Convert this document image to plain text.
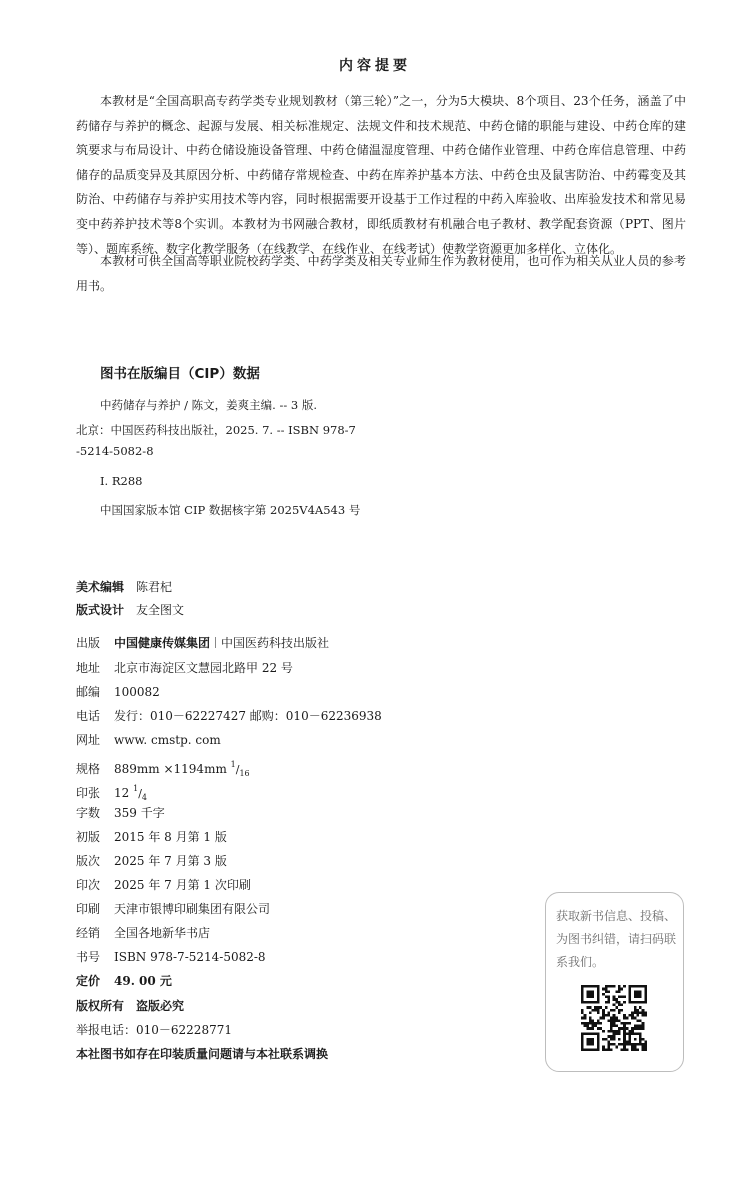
内容提要

本教材是“全国高职高专药学类专业规划教材（第三轮）”之一，分为5大模块、8个项目、23个任务，涵盖了中药储存与养护的概念、起源与发展、相关标准规定、法规文件和技术规范、中药仓储的职能与建设、中药仓库的建筑要求与布局设计、中药仓储设施设备管理、中药仓储温湿度管理、中药仓储作业管理、中药仓库信息管理、中药储存的品质变异及其原因分析、中药储存常规检查、中药在库养护基本方法、中药仓虫及鼠害防治、中药霉变及其防治、中药储存与养护实用技术等内容，同时根据需要开设基于工作过程的中药入库验收、出库验发技术和常见易变中药养护技术等8个实训。本教材为书网融合教材，即纸质教材有机融合电子教材、教学配套资源（PPT、图片等）、题库系统、数字化教学服务（在线教学、在线作业、在线考试）使教学资源更加多样化、立体化。

本教材可供全国高等职业院校药学类、中药学类及相关专业师生作为教材使用，也可作为相关从业人员的参考用书。

图书在版编目（CIP）数据
中药储存与养护 / 陈文，姜爽主编. -- 3 版.
北京：中国医药科技出版社，2025. 7. -- ISBN 978-7
-5214-5082-8
Ⅰ. R288
中国国家版本馆 CIP 数据核字第 2025V4A543 号
美术编辑 陈君杞
版式设计 友全图文
出版 中国健康传媒集团 中国医药科技出版社
地址 北京市海淀区文慧园北路甲 22 号
邮编 100082
电话 发行：010－62227427 邮购：010－62236938
网址 www. cmstp. com
规格 889mm ×1194mm $^1/_{16}$
印张 12 $^1/_4$
字数 359 千字
初版 2015 年 8 月第 1 版
版次 2025 年 7 月第 3 版
印次 2025 年 7 月第 1 次印刷
印刷 天津市银博印刷集团有限公司
经销 全国各地新华书店
书号 ISBN 978-7-5214-5082-8
定价 49. 00 元
版权所有　盗版必究
举报电话：010－62228771
本社图书如存在印装质量问题请与本社联系调换
获取新书信息、投稿、为图书纠错，请扫码联系我们。
